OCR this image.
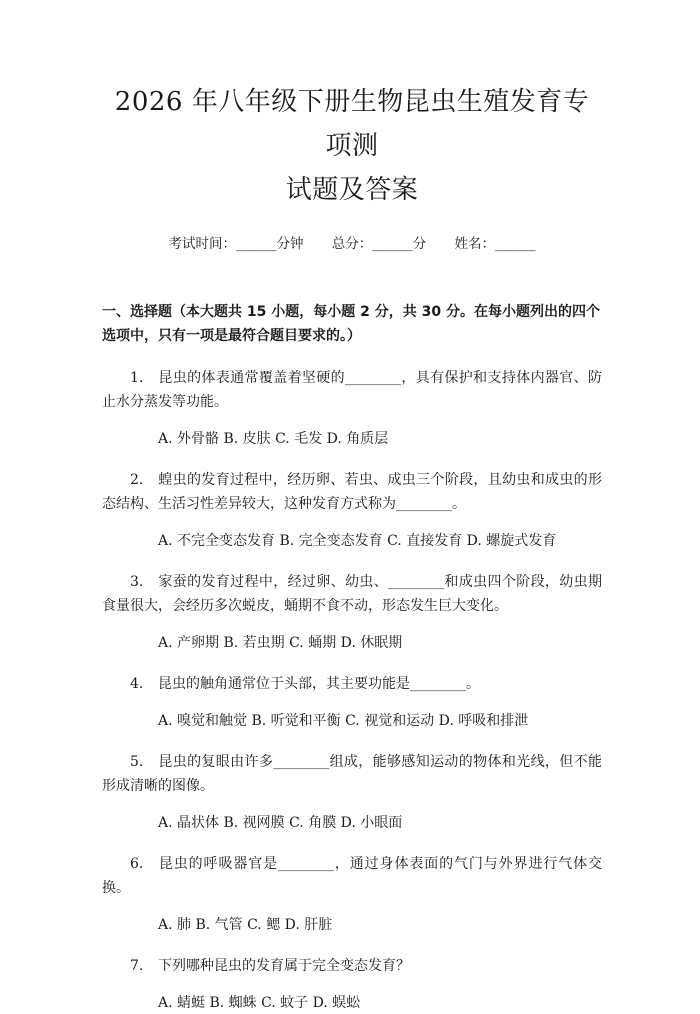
2026 年八年级下册生物昆虫生殖发育专项测
试题及答案
考试时间：______分钟 总分：______分 姓名：______
一、选择题（本大题共 15 小题，每小题 2 分，共 30 分。在每小题列出的四个选项中，只有一项是最符合题目要求的。）
1. 昆虫的体表通常覆盖着坚硬的________，具有保护和支持体内器官、防止水分蒸发等功能。
A. 外骨骼 B. 皮肤 C. 毛发 D. 角质层
2. 蝗虫的发育过程中，经历卵、若虫、成虫三个阶段，且幼虫和成虫的形态结构、生活习性差异较大，这种发育方式称为________。
A. 不完全变态发育 B. 完全变态发育 C. 直接发育 D. 螺旋式发育
3. 家蚕的发育过程中，经过卵、幼虫、________和成虫四个阶段，幼虫期食量很大，会经历多次蜕皮，蛹期不食不动，形态发生巨大变化。
A. 产卵期 B. 若虫期 C. 蛹期 D. 休眠期
4. 昆虫的触角通常位于头部，其主要功能是________。
A. 嗅觉和触觉 B. 听觉和平衡 C. 视觉和运动 D. 呼吸和排泄
5. 昆虫的复眼由许多________组成，能够感知运动的物体和光线，但不能形成清晰的图像。
A. 晶状体 B. 视网膜 C. 角膜 D. 小眼面
6. 昆虫的呼吸器官是________，通过身体表面的气门与外界进行气体交换。
A. 肺 B. 气管 C. 鳃 D. 肝脏
7. 下列哪种昆虫的发育属于完全变态发育？
A. 蜻蜓 B. 蜘蛛 C. 蚊子 D. 蜈蚣
